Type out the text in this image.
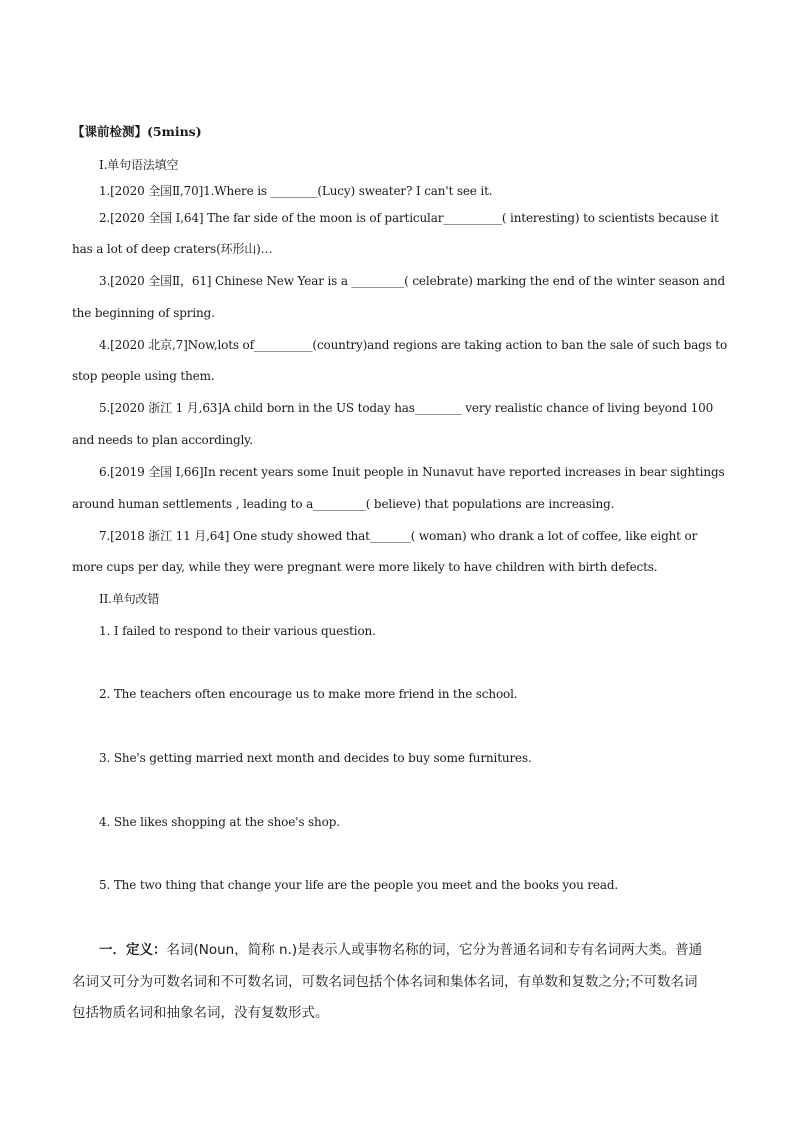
【课前检测】(5mins)
I.单句语法填空
1.[2020 全国Ⅱ,70]1.Where is ________(Lucy) sweater? I can't see it.
2.[2020 全国 I,64] The far side of the moon is of particular__________( interesting) to scientists because it
has a lot of deep craters(环形山)…
3.[2020 全国Ⅱ，61] Chinese New Year is a _________( celebrate) marking the end of the winter season and
the beginning of spring.
4.[2020 北京,7]Now,lots of__________(country)and regions are taking action to ban the sale of such bags to
stop people using them.
5.[2020 浙江 1 月,63]A child born in the US today has________ very realistic chance of living beyond 100
and needs to plan accordingly.
6.[2019 全国 I,66]In recent years some Inuit people in Nunavut have reported increases in bear sightings
around human settlements , leading to a_________( believe) that populations are increasing.
7.[2018 浙江 11 月,64] One study showed that_______( woman) who drank a lot of coffee, like eight or
more cups per day, while they were pregnant were more likely to have children with birth defects.
II.单句改错
1. I failed to respond to their various question.
2. The teachers often encourage us to make more friend in the school.
3. She's getting married next month and decides to buy some furnitures.
4. She likes shopping at the shoe's shop.
5. The two thing that change your life are the people you meet and the books you read.
一．定义：名词(Noun，简称 n.)是表示人或事物名称的词，它分为普通名词和专有名词两大类。普通
名词又可分为可数名词和不可数名词，可数名词包括个体名词和集体名词，有单数和复数之分;不可数名词
包括物质名词和抽象名词，没有复数形式。
